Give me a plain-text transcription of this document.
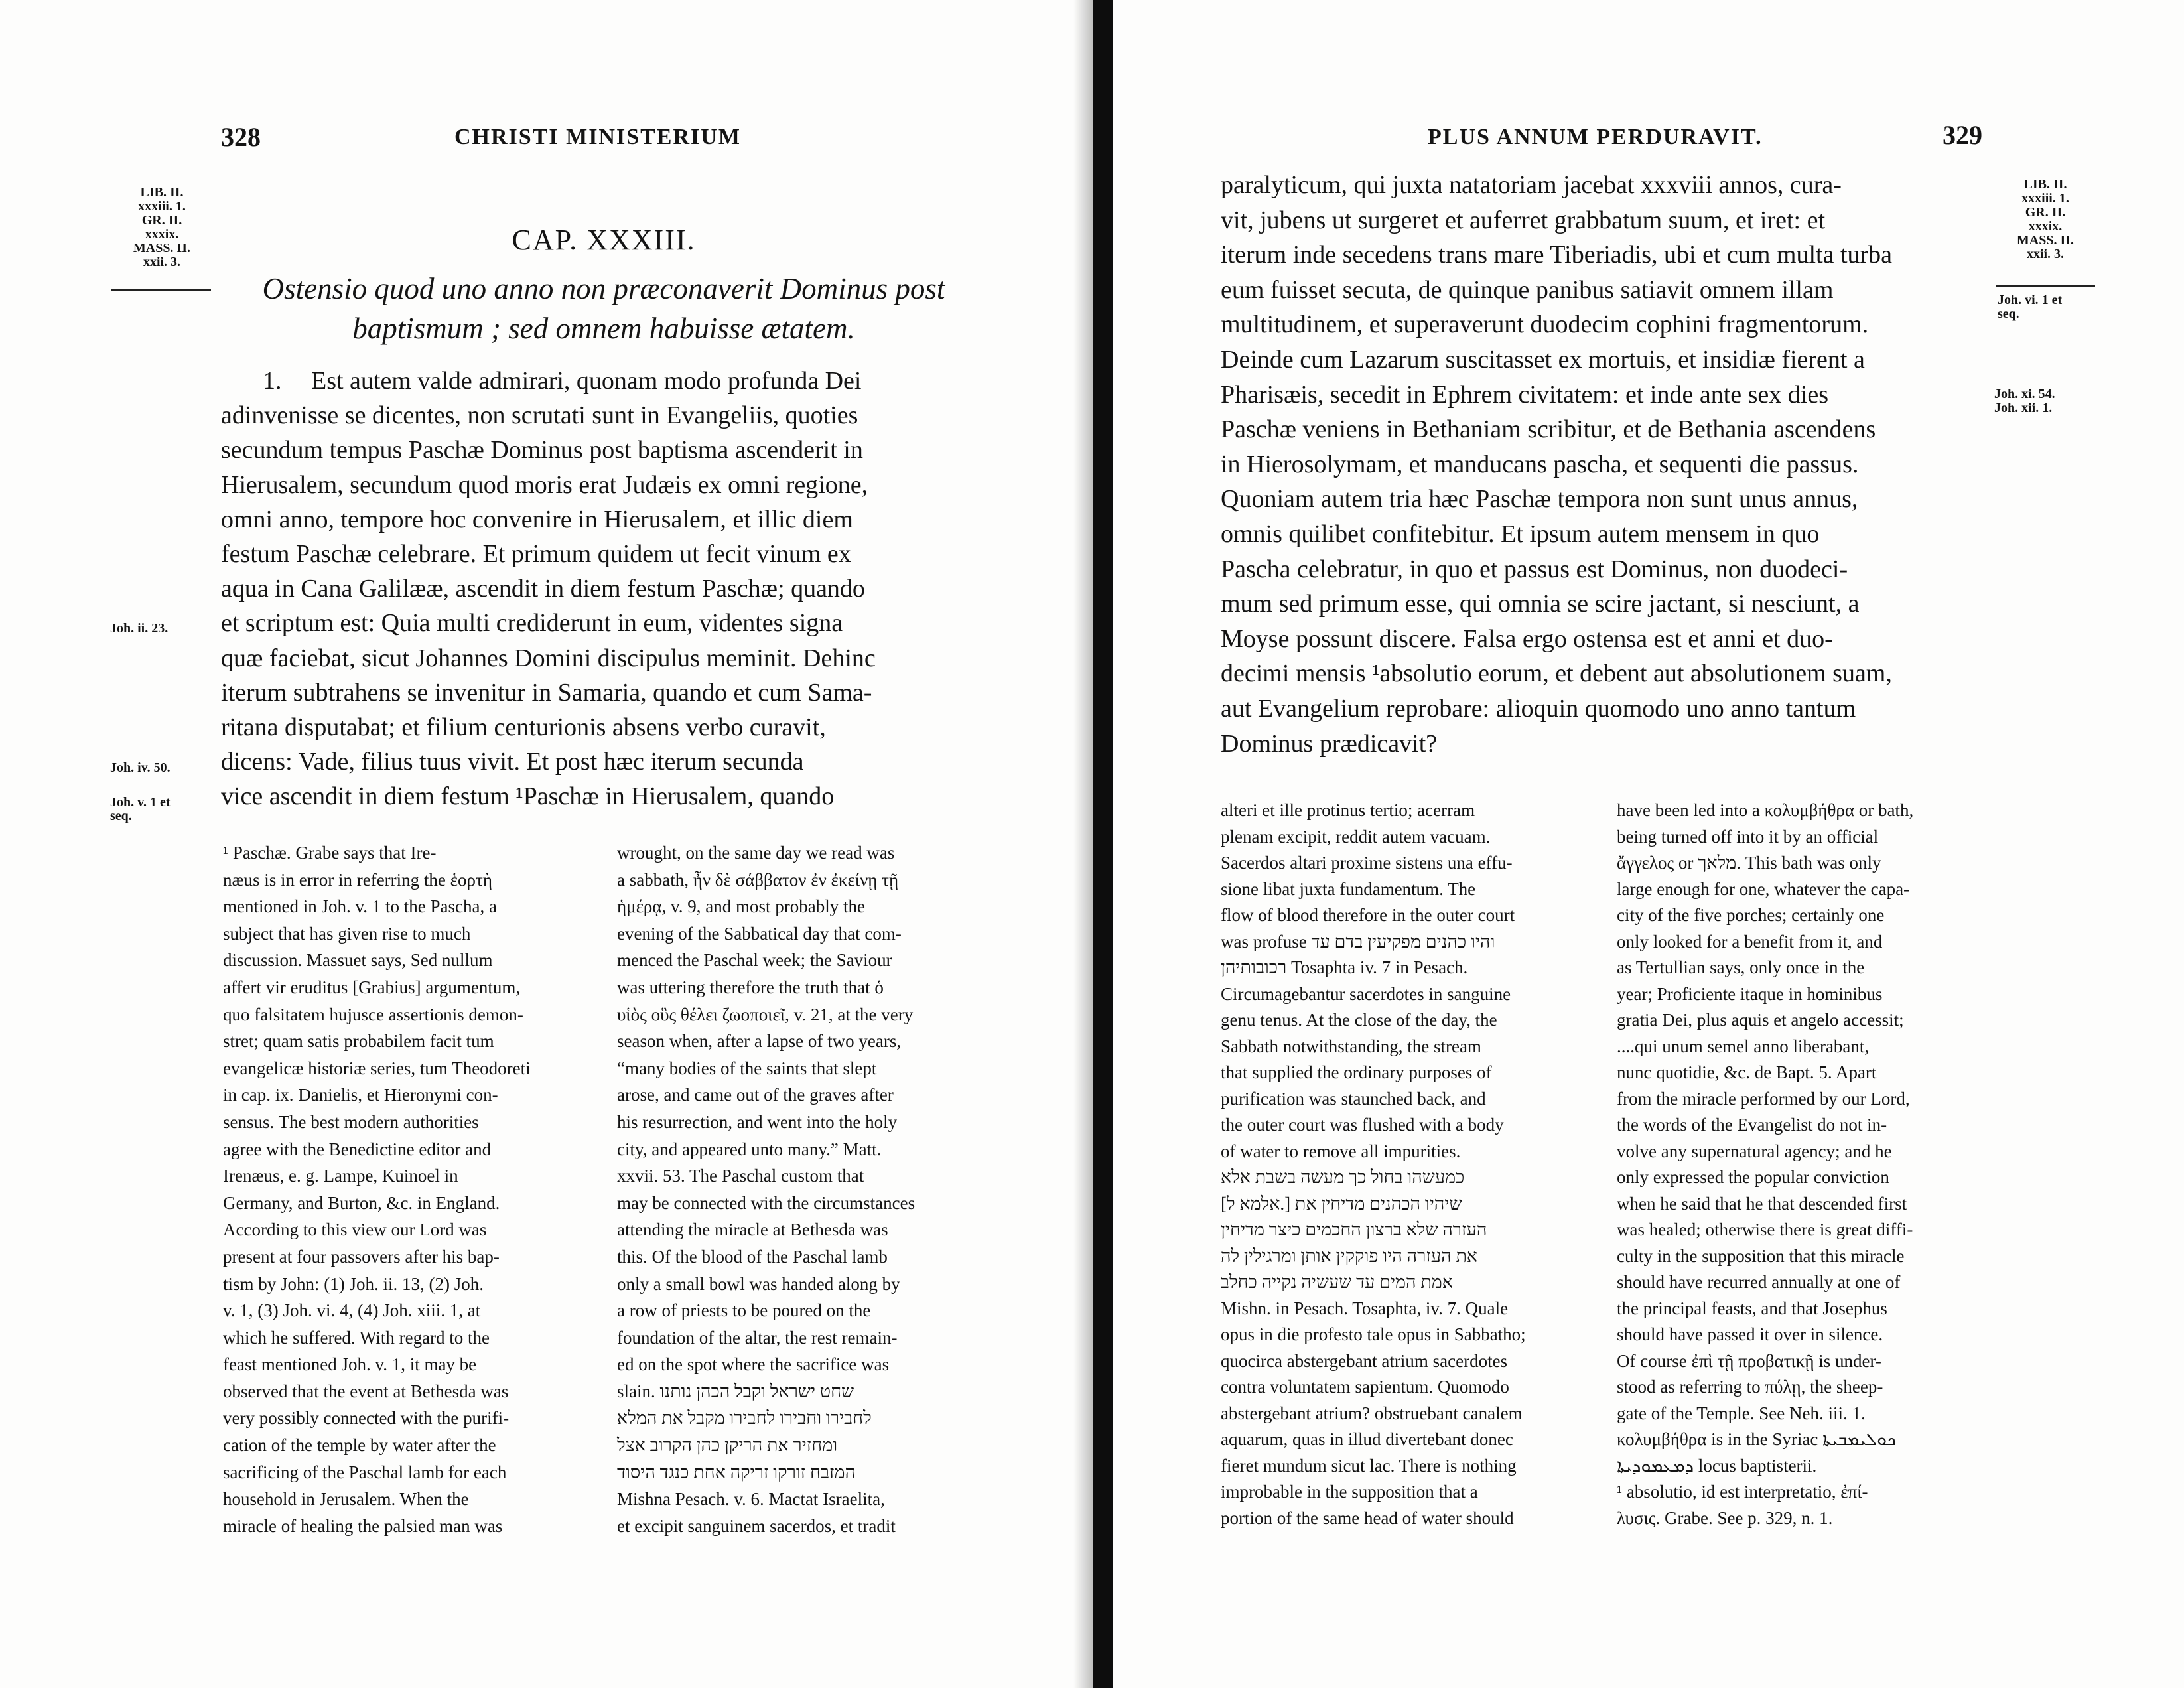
328	CHRISTI MINISTERIUM
LIB. II.
xxxiii. 1.
GR. II.
xxxix.
MASS. II.
xxii. 3.
CAP. XXXIII.
Ostensio quod uno anno non præconaverit Dominus post
baptismum ; sed omnem habuisse ætatem.
1.	Est autem valde admirari, quonam modo profunda Dei
adinvenisse se dicentes, non scrutati sunt in Evangeliis, quoties
secundum tempus Paschæ Dominus post baptisma ascenderit in
Hierusalem, secundum quod moris erat Judæis ex omni regione,
omni anno, tempore hoc convenire in Hierusalem, et illic diem
festum Paschæ celebrare. Et primum quidem ut fecit vinum ex
aqua in Cana Galilææ, ascendit in diem festum Paschæ; quando
et scriptum est: Quia multi crediderunt in eum, videntes signa
quæ faciebat, sicut Johannes Domini discipulus meminit. Dehinc
iterum subtrahens se invenitur in Samaria, quando et cum Sama-
ritana disputabat; et filium centurionis absens verbo curavit,
dicens: Vade, filius tuus vivit. Et post hæc iterum secunda
vice ascendit in diem festum ¹Paschæ in Hierusalem, quando
Joh. ii. 23.
Joh. iv. 50.
Joh. v. 1 et
seq.
¹ Paschæ. Grabe says that Ire-
næus is in error in referring the ἑορτὴ
mentioned in Joh. v. 1 to the Pascha, a
subject that has given rise to much
discussion. Massuet says, Sed nullum
affert vir eruditus [Grabius] argumentum,
quo falsitatem hujusce assertionis demon-
stret; quam satis probabilem facit tum
evangelicæ historiæ series, tum Theodoreti
in cap. ix. Danielis, et Hieronymi con-
sensus. The best modern authorities
agree with the Benedictine editor and
Irenæus, e. g. Lampe, Kuinoel in
Germany, and Burton, &c. in England.
According to this view our Lord was
present at four passovers after his bap-
tism by John: (1) Joh. ii. 13, (2) Joh.
v. 1, (3) Joh. vi. 4, (4) Joh. xiii. 1, at
which he suffered. With regard to the
feast mentioned Joh. v. 1, it may be
observed that the event at Bethesda was
very possibly connected with the purifi-
cation of the temple by water after the
sacrificing of the Paschal lamb for each
household in Jerusalem. When the
miracle of healing the palsied man was
wrought, on the same day we read was
a sabbath, ἦν δὲ σάββατον ἐν ἐκείνῃ τῇ
ἡμέρᾳ, v. 9, and most probably the
evening of the Sabbatical day that com-
menced the Paschal week; the Saviour
was uttering therefore the truth that ὁ
υἱὸς οὓς θέλει ζωοποιεῖ, v. 21, at the very
season when, after a lapse of two years,
“many bodies of the saints that slept
arose, and came out of the graves after
his resurrection, and went into the holy
city, and appeared unto many.” Matt.
xxvii. 53. The Paschal custom that
may be connected with the circumstances
attending the miracle at Bethesda was
this. Of the blood of the Paschal lamb
only a small bowl was handed along by
a row of priests to be poured on the
foundation of the altar, the rest remain-
ed on the spot where the sacrifice was
slain. שחט ישראל וקבל הכהן נותנו
לחבירו וחבירו לחבירו מקבל את המלא
ומחזיר את הריקן כהן הקרוב אצל
המזבח זורקו זריקה אחת כנגד היסוד
Mishna Pesach. v. 6. Mactat Israelita,
et excipit sanguinem sacerdos, et tradit
PLUS ANNUM PERDURAVIT.	329
paralyticum, qui juxta natatoriam jacebat xxxviii annos, cura-
vit, jubens ut surgeret et auferret grabbatum suum, et iret: et
iterum inde secedens trans mare Tiberiadis, ubi et cum multa turba
eum fuisset secuta, de quinque panibus satiavit omnem illam
multitudinem, et superaverunt duodecim cophini fragmentorum.
Deinde cum Lazarum suscitasset ex mortuis, et insidiæ fierent a
Pharisæis, secedit in Ephrem civitatem: et inde ante sex dies
Paschæ veniens in Bethaniam scribitur, et de Bethania ascendens
in Hierosolymam, et manducans pascha, et sequenti die passus.
Quoniam autem tria hæc Paschæ tempora non sunt unus annus,
omnis quilibet confitebitur. Et ipsum autem mensem in quo
Pascha celebratur, in quo et passus est Dominus, non duodeci-
mum sed primum esse, qui omnia se scire jactant, si nesciunt, a
Moyse possunt discere. Falsa ergo ostensa est et anni et duo-
decimi mensis ¹absolutio eorum, et debent aut absolutionem suam,
aut Evangelium reprobare: alioquin quomodo uno anno tantum
Dominus prædicavit?
LIB. II.
xxxiii. 1.
GR. II.
xxxix.
MASS. II.
xxii. 3.
Joh. vi. 1 et
seq.
Joh. xi. 54.
Joh. xii. 1.
alteri et ille protinus tertio; acerram
plenam excipit, reddit autem vacuam.
Sacerdos altari proxime sistens una effu-
sione libat juxta fundamentum. The
flow of blood therefore in the outer court
was profuse והיו כהנים מפקיעין בדם עד
רכובותיהן Tosaphta iv. 7 in Pesach.
Circumagebantur sacerdotes in sanguine
genu tenus. At the close of the day, the
Sabbath notwithstanding, the stream
that supplied the ordinary purposes of
purification was staunched back, and
the outer court was flushed with a body
of water to remove all impurities.
כמעשהו בחול כך מעשה בשבת אלא
[אלמא ל.] שיהיו הכהנים מדיחין את
העזרה שלא ברצון החכמים כיצר מדיחין
את העזרה היו פוקקין אותן ומרגילין לה
אמת המים עד שעשיה נקייה כחלב
Mishn. in Pesach. Tosaphta, iv. 7. Quale
opus in die profesto tale opus in Sabbatho;
quocirca abstergebant atrium sacerdotes
contra voluntatem sapientum. Quomodo
abstergebant atrium? obstruebant canalem
aquarum, quas in illud divertebant donec
fieret mundum sicut lac. There is nothing
improbable in the supposition that a
portion of the same head of water should
have been led into a κολυμβήθρα or bath,
being turned off into it by an official
ἄγγελος or מלאך. This bath was only
large enough for one, whatever the capa-
city of the five porches; certainly one
only looked for a benefit from it, and
as Tertullian says, only once in the
year; Proficiente itaque in hominibus
gratia Dei, plus aquis et angelo accessit;
....qui unum semel anno liberabant,
nunc quotidie, &c. de Bapt. 5. Apart
from the miracle performed by our Lord,
the words of the Evangelist do not in-
volve any supernatural agency; and he
only expressed the popular conviction
when he said that he that descended first
was healed; otherwise there is great diffi-
culty in the supposition that this miracle
should have recurred annually at one of
the principal feasts, and that Josephus
should have passed it over in silence.
Of course ἐπὶ τῇ προβατικῇ is under-
stood as referring to πύλῃ, the sheep-
gate of the Temple. See Neh. iii. 1.
κολυμβήθρα is in the Syriac ܟܘܠܝܡܒܝܬܐ
ܕܡܥܡܘܕܝܬܐ locus baptisterii.
¹ absolutio, id est interpretatio, ἐπί-
λυσις. Grabe. See p. 329, n. 1.
